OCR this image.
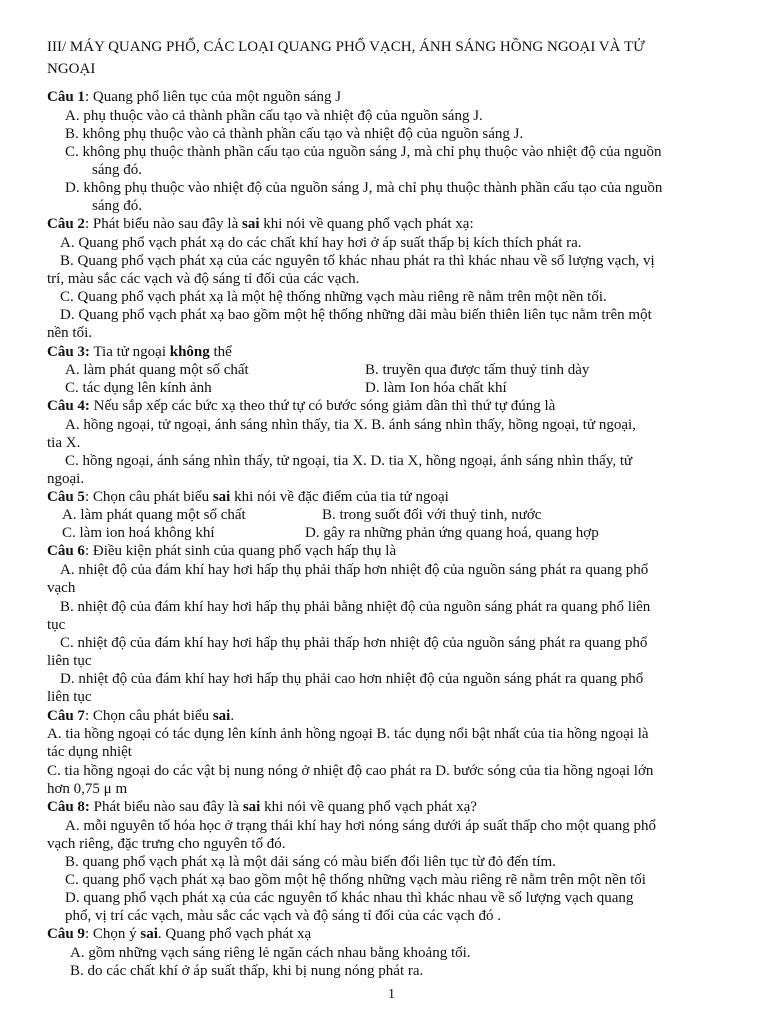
III/ MÁY QUANG PHỔ, CÁC LOẠI QUANG PHỔ VẠCH, ÁNH SÁNG HỒNG NGOẠI VÀ TỬ
NGOẠI
Câu 1: Quang phổ liên tục của một nguồn sáng J
A. phụ thuộc vào cả thành phần cấu tạo và nhiệt độ của nguồn sáng J.
B. không phụ thuộc vào cả thành phần cấu tạo và nhiệt độ của nguồn sáng J.
C. không phụ thuộc thành phần cấu tạo của nguồn sáng J, mà chỉ phụ thuộc vào nhiệt độ của nguồn
sáng đó.
D. không phụ thuộc vào nhiệt độ của nguồn sáng J, mà chỉ phụ thuộc thành phần cấu tạo của nguồn
sáng đó.
Câu 2: Phát biểu nào sau đây là sai khi nói về quang phổ vạch phát xạ:
A. Quang phổ vạch phát xạ do các chất khí hay hơi ở áp suất thấp bị kích thích phát ra.
B. Quang phổ vạch phát xạ của các nguyên tố khác nhau phát ra thì khác nhau về số lượng vạch, vị
trí, màu sắc các vạch và độ sáng tỉ đối của các vạch.
C. Quang phổ vạch phát xạ là một hệ thống những vạch màu riêng rẽ nằm trên một nền tối.
D. Quang phổ vạch phát xạ bao gồm một hệ thống những dãi màu biến thiên liên tục nằm trên một
nền tối.
Câu 3: Tia tử ngoại không thể
A. làm phát quang một số chất	B. truyền qua được tấm thuỷ tinh dày
C. tác dụng lên kính ảnh	D. làm Ion hóa chất khí
Câu 4: Nếu sắp xếp các bức xạ theo thứ tự có bước sóng giảm dần thì thứ tự đúng là
A. hồng ngoại, tử ngoại, ánh sáng nhìn thấy, tia X. B. ánh sáng nhìn thấy, hồng ngoại, tử ngoại,
tia X.
C. hồng ngoại, ánh sáng nhìn thấy, tử ngoại, tia X. D. tia X, hồng ngoại, ánh sáng nhìn thấy, tử
ngoại.
Câu 5: Chọn câu phát biểu sai khi nói về đặc điểm của tia tử ngoại
A. làm phát quang một số chất	B. trong suốt đối với thuỷ tinh, nước
C. làm ion hoá không khí	D. gây ra những phản ứng quang hoá, quang hợp
Câu 6: Điều kiện phát sinh của quang phổ vạch hấp thụ là
A. nhiệt độ của đám khí hay hơi hấp thụ phải thấp hơn nhiệt độ của nguồn sáng phát ra quang phổ
vạch
B. nhiệt độ của đám khí hay hơi hấp thụ phải bằng nhiệt độ của nguồn sáng phát ra quang phổ liên
tục
C. nhiệt độ của đám khí hay hơi hấp thụ phải thấp hơn nhiệt độ của nguồn sáng phát ra quang phổ
liên tục
D. nhiệt độ của đám khí hay hơi hấp thụ phải cao hơn nhiệt độ của nguồn sáng phát ra quang phổ
liên tục
Câu 7: Chọn câu phát biểu sai.
A. tia hồng ngoại có tác dụng lên kính ảnh hồng ngoại B. tác dụng nổi bật nhất của tia hồng ngoại là
tác dụng nhiệt
C. tia hồng ngoại do các vật bị nung nóng ở nhiệt độ cao phát ra D. bước sóng của tia hồng ngoại lớn
hơn 0,75 μ m
Câu 8: Phát biểu nào sau đây là sai khi nói về quang phổ vạch phát xạ?
A. mỗi nguyên tố hóa học ở trạng thái khí hay hơi nóng sáng dưới áp suất thấp cho một quang phổ
vạch riêng, đặc trưng cho nguyên tố đó.
B. quang phổ vạch phát xạ là một dải sáng có màu biến đổi liên tục từ đỏ đến tím.
C. quang phổ vạch phát xạ bao gồm một hệ thống những vạch màu riêng rẽ nằm trên một nền tối
D. quang phổ vạch phát xạ của các nguyên tố khác nhau thì khác nhau về số lượng vạch quang
phổ, vị trí các vạch, màu sắc các vạch và độ sáng tỉ đối của các vạch đó .
Câu 9: Chọn ý sai. Quang phổ vạch phát xạ
A. gồm những vạch sáng riêng lẻ ngăn cách nhau bằng khoảng tối.
B. do các chất khí ở áp suất thấp, khi bị nung nóng phát ra.
1
